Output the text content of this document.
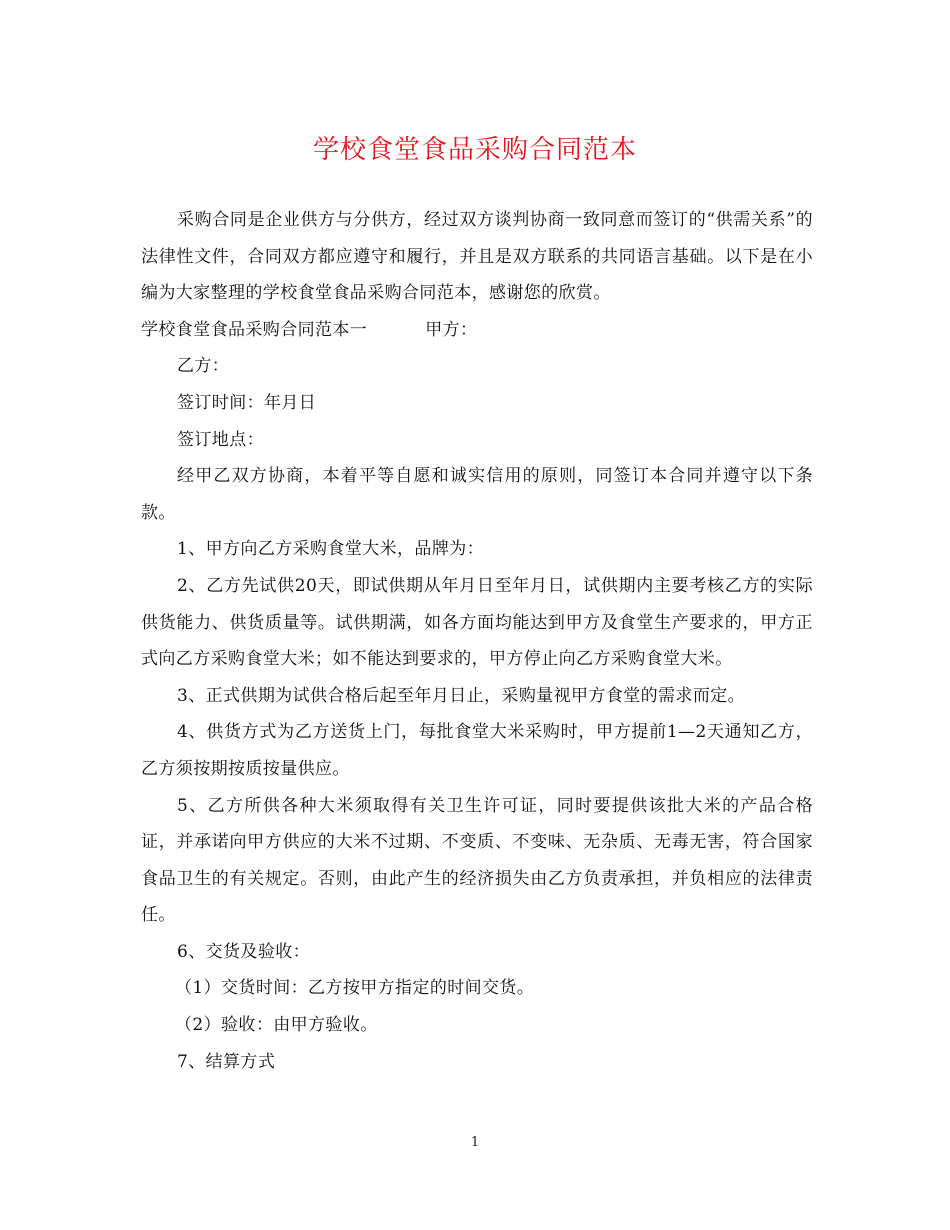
学校食堂食品采购合同范本

采购合同是企业供方与分供方，经过双方谈判协商一致同意而签订的“供需关系”的法律性文件，合同双方都应遵守和履行，并且是双方联系的共同语言基础。以下是在小编为大家整理的学校食堂食品采购合同范本，感谢您的欣赏。

学校食堂食品采购合同范本一	甲方：

乙方：

签订时间：年月日

签订地点：

经甲乙双方协商，本着平等自愿和诚实信用的原则，同签订本合同并遵守以下条款。

1、甲方向乙方采购食堂大米，品牌为：

2、乙方先试供20天，即试供期从年月日至年月日，试供期内主要考核乙方的实际供货能力、供货质量等。试供期满，如各方面均能达到甲方及食堂生产要求的，甲方正式向乙方采购食堂大米；如不能达到要求的，甲方停止向乙方采购食堂大米。

3、正式供期为试供合格后起至年月日止，采购量视甲方食堂的需求而定。

4、供货方式为乙方送货上门，每批食堂大米采购时，甲方提前1—2天通知乙方，乙方须按期按质按量供应。

5、乙方所供各种大米须取得有关卫生许可证，同时要提供该批大米的产品合格证，并承诺向甲方供应的大米不过期、不变质、不变味、无杂质、无毒无害，符合国家食品卫生的有关规定。否则，由此产生的经济损失由乙方负责承担，并负相应的法律责任。

6、交货及验收：

（1）交货时间：乙方按甲方指定的时间交货。

（2）验收：由甲方验收。

7、结算方式

1
